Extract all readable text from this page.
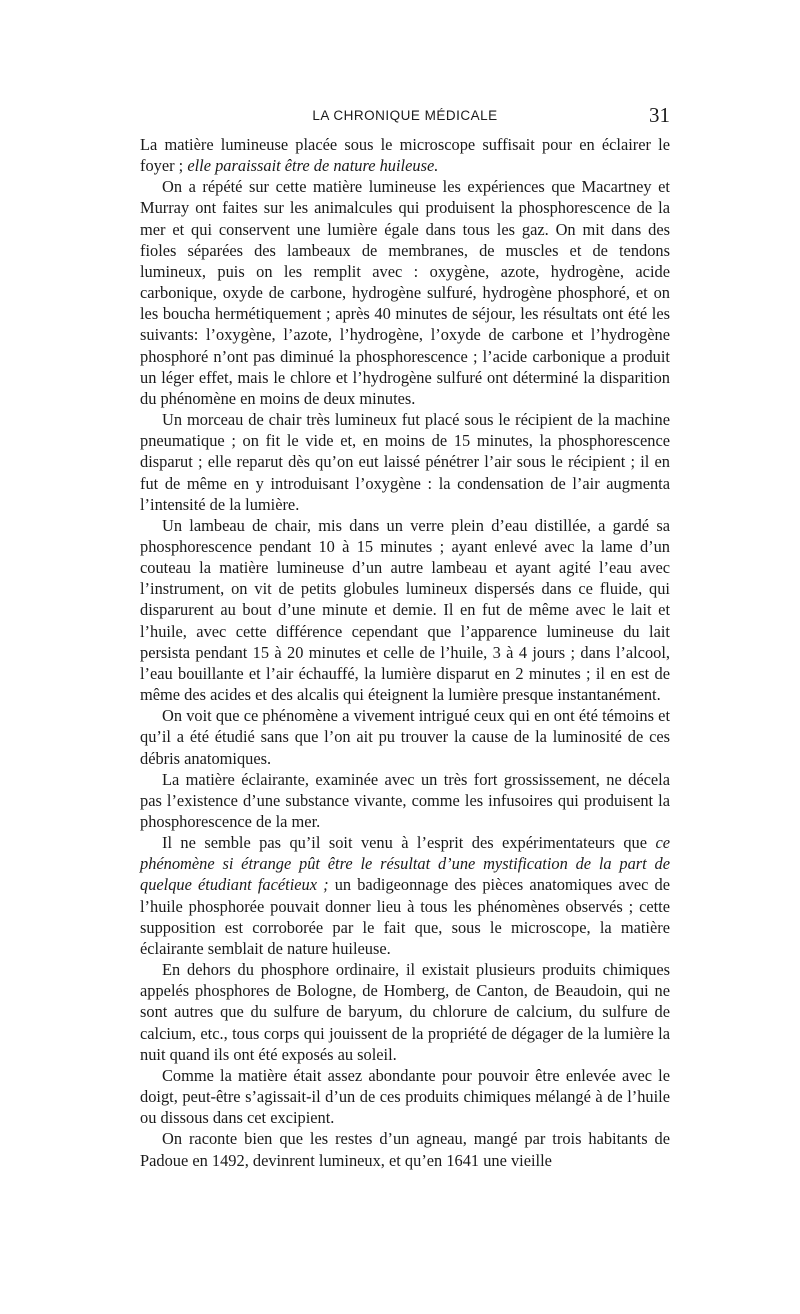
LA CHRONIQUE MÉDICALE	31

La matière lumineuse placée sous le microscope suffisait pour en éclairer le foyer ; elle paraissait être de nature huileuse.

On a répété sur cette matière lumineuse les expériences que Macartney et Murray ont faites sur les animalcules qui produisent la phosphorescence de la mer et qui conservent une lumière égale dans tous les gaz. On mit dans des fioles séparées des lambeaux de membranes, de muscles et de tendons lumineux, puis on les remplit avec : oxygène, azote, hydrogène, acide carbonique, oxyde de carbone, hydrogène sulfuré, hydrogène phosphoré, et on les boucha hermétiquement ; après 40 minutes de séjour, les résultats ont été les suivants: l’oxygène, l’azote, l’hydrogène, l’oxyde de carbone et l’hydrogène phosphoré n’ont pas diminué la phosphorescence ; l’acide carbonique a produit un léger effet, mais le chlore et l’hydrogène sulfuré ont déterminé la disparition du phénomène en moins de deux minutes.

Un morceau de chair très lumineux fut placé sous le récipient de la machine pneumatique ; on fit le vide et, en moins de 15 minutes, la phosphorescence disparut ; elle reparut dès qu’on eut laissé pénétrer l’air sous le récipient ; il en fut de même en y introduisant l’oxygène : la condensation de l’air augmenta l’intensité de la lumière.

Un lambeau de chair, mis dans un verre plein d’eau distillée, a gardé sa phosphorescence pendant 10 à 15 minutes ; ayant enlevé avec la lame d’un couteau la matière lumineuse d’un autre lambeau et ayant agité l’eau avec l’instrument, on vit de petits globules lumineux dispersés dans ce fluide, qui disparurent au bout d’une minute et demie. Il en fut de même avec le lait et l’huile, avec cette différence cependant que l’apparence lumineuse du lait persista pendant 15 à 20 minutes et celle de l’huile, 3 à 4 jours ; dans l’alcool, l’eau bouillante et l’air échauffé, la lumière disparut en 2 minutes ; il en est de même des acides et des alcalis qui éteignent la lumière presque instantanément.

On voit que ce phénomène a vivement intrigué ceux qui en ont été témoins et qu’il a été étudié sans que l’on ait pu trouver la cause de la luminosité de ces débris anatomiques.

La matière éclairante, examinée avec un très fort grossissement, ne décela pas l’existence d’une substance vivante, comme les infusoires qui produisent la phosphorescence de la mer.

Il ne semble pas qu’il soit venu à l’esprit des expérimentateurs que ce phénomène si étrange pût être le résultat d’une mystification de la part de quelque étudiant facétieux ; un badigeonnage des pièces anatomiques avec de l’huile phosphorée pouvait donner lieu à tous les phénomènes observés ; cette supposition est corroborée par le fait que, sous le microscope, la matière éclairante semblait de nature huileuse.

En dehors du phosphore ordinaire, il existait plusieurs produits chimiques appelés phosphores de Bologne, de Homberg, de Canton, de Beaudoin, qui ne sont autres que du sulfure de baryum, du chlorure de calcium, du sulfure de calcium, etc., tous corps qui jouissent de la propriété de dégager de la lumière la nuit quand ils ont été exposés au soleil.

Comme la matière était assez abondante pour pouvoir être enlevée avec le doigt, peut-être s’agissait-il d’un de ces produits chimiques mélangé à de l’huile ou dissous dans cet excipient.

On raconte bien que les restes d’un agneau, mangé par trois habitants de Padoue en 1492, devinrent lumineux, et qu’en 1641 une vieille
